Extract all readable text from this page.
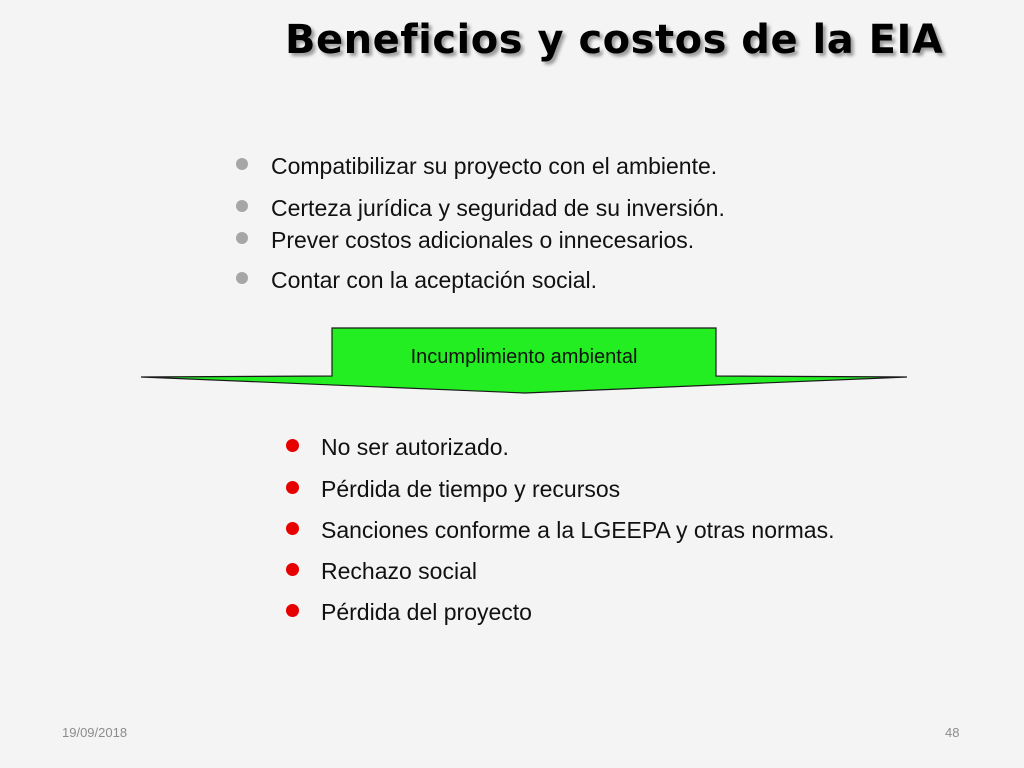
Beneficios y costos de la EIA
Compatibilizar su proyecto con el ambiente.
Certeza jurídica y seguridad de su inversión.
Prever costos adicionales o innecesarios.
Contar con la aceptación social.
Incumplimiento ambiental
No ser autorizado.
Pérdida de tiempo y recursos
Sanciones conforme a la LGEEPA y otras normas.
Rechazo social
Pérdida del proyecto
19/09/2018	48
